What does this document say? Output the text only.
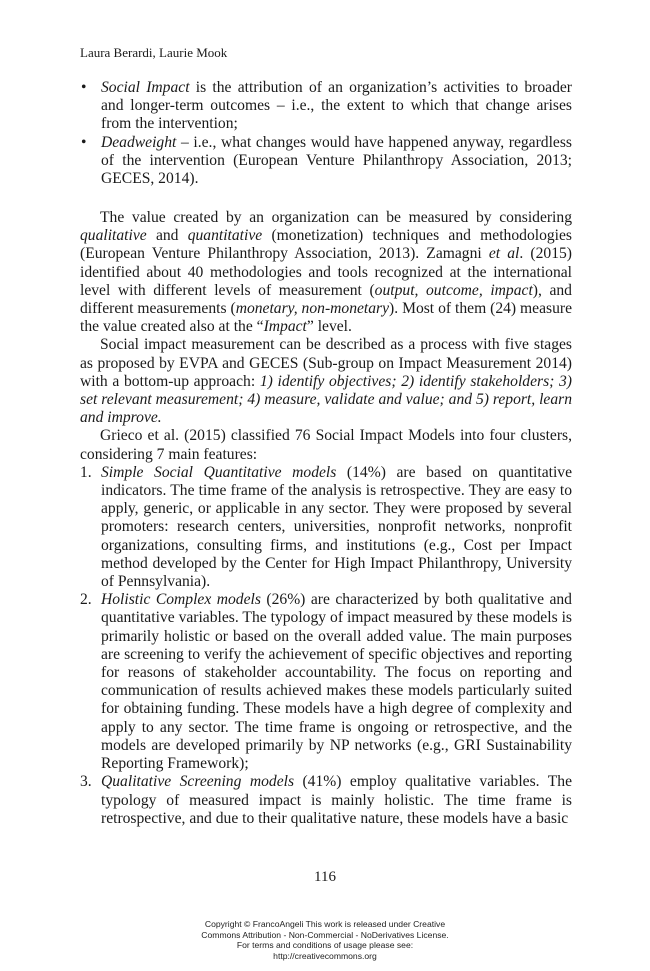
Laura Berardi, Laurie Mook
• Social Impact is the attribution of an organization’s activities to broader and longer-term outcomes – i.e., the extent to which that change arises from the intervention;
• Deadweight – i.e., what changes would have happened anyway, regardless of the intervention (European Venture Philanthropy Association, 2013; GECES, 2014).

The value created by an organization can be measured by considering qualitative and quantitative (monetization) techniques and methodologies (European Venture Philanthropy Association, 2013). Zamagni et al. (2015) identified about 40 methodologies and tools recognized at the international level with different levels of measurement (output, outcome, impact), and different measurements (monetary, non-monetary). Most of them (24) measure the value created also at the “Impact” level.

Social impact measurement can be described as a process with five stages as proposed by EVPA and GECES (Sub-group on Impact Measurement 2014) with a bottom-up approach: 1) identify objectives; 2) identify stakeholders; 3) set relevant measurement; 4) measure, validate and value; and 5) report, learn and improve.

Grieco et al. (2015) classified 76 Social Impact Models into four clusters, considering 7 main features:

1. Simple Social Quantitative models (14%) are based on quantitative indicators. The time frame of the analysis is retrospective. They are easy to apply, generic, or applicable in any sector. They were proposed by several promoters: research centers, universities, nonprofit networks, nonprofit organizations, consulting firms, and institutions (e.g., Cost per Impact method developed by the Center for High Impact Philanthropy, University of Pennsylvania).
2. Holistic Complex models (26%) are characterized by both qualitative and quantitative variables. The typology of impact measured by these models is primarily holistic or based on the overall added value. The main purposes are screening to verify the achievement of specific objectives and reporting for reasons of stakeholder accountability. The focus on reporting and communication of results achieved makes these models particularly suited for obtaining funding. These models have a high degree of complexity and apply to any sector. The time frame is ongoing or retrospective, and the models are developed primarily by NP networks (e.g., GRI Sustainability Reporting Framework);
3. Qualitative Screening models (41%) employ qualitative variables. The typology of measured impact is mainly holistic. The time frame is retrospective, and due to their qualitative nature, these models have a basic
116
Copyright © FrancoAngeli This work is released under Creative
Commons Attribution - Non-Commercial - NoDerivatives License.
For terms and conditions of usage please see:
http://creativecommons.org
